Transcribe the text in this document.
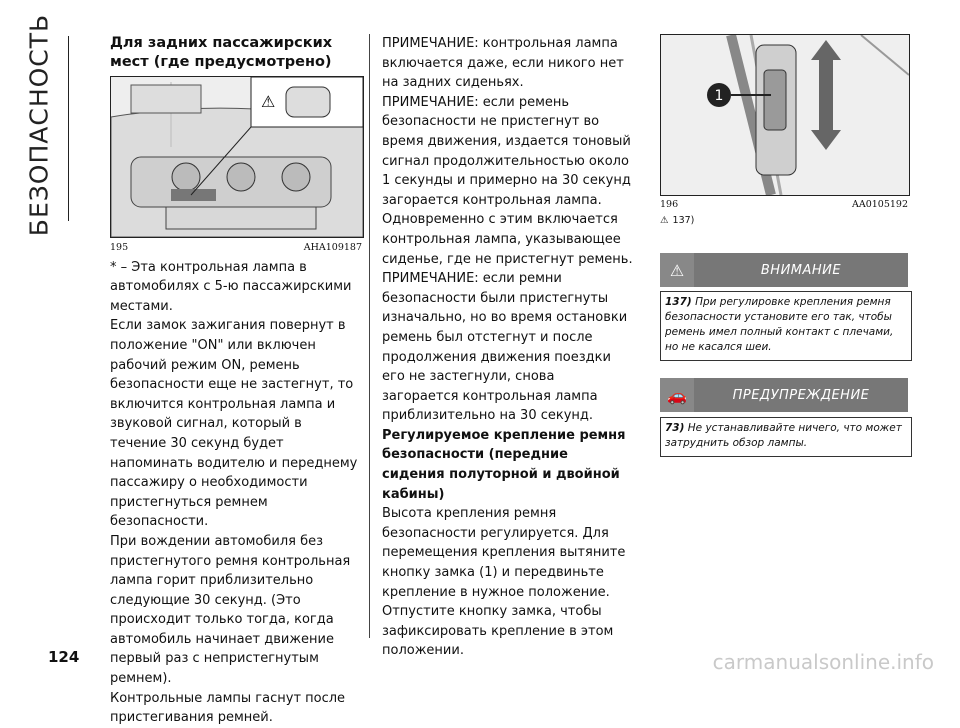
БЕЗОПАСНОСТЬ	Для задних пассажирских мест (где предусмотрено)
⚠
195	AHA109187

* – Эта контрольная лампа в автомобилях с 5-ю пассажирскими местами.

Если замок зажигания повернут в положение "ON" или включен рабочий режим ON, ремень безопасности еще не застегнут, то включится контрольная лампа и звуковой сигнал, который в течение 30 секунд будет напоминать водителю и переднему пассажиру о необходимости пристегнуться ремнем безопасности.

При вождении автомобиля без пристегнутого ремня контрольная лампа горит приблизительно следующие 30 секунд. (Это происходит только тогда, когда автомобиль начинает движение первый раз с непристегнутым ремнем).

Контрольные лампы гаснут после пристегивания ремней.

ПРИМЕЧАНИЕ: контрольная лампа включается даже, если никого нет на задних сиденьях.

ПРИМЕЧАНИЕ: если ремень безопасности не пристегнут во время движения, издается тоновый сигнал продолжительностью около 1 секунды и примерно на 30 секунд загорается контрольная лампа. Одновременно с этим включается контрольная лампа, указывающее сиденье, где не пристегнут ремень.

ПРИМЕЧАНИЕ: если ремни безопасности были пристегнуты изначально, но во время остановки ремень был отстегнут и после продолжения движения поездки его не застегнули, снова загорается контрольная лампа приблизительно на 30 секунд.

Регулируемое крепление ремня безопасности (передние сидения полуторной и двойной кабины)

Высота крепления ремня безопасности регулируется. Для перемещения крепления вытяните кнопку замка (1) и передвиньте крепление в нужное положение. Отпустите кнопку замка, чтобы зафиксировать крепление в этом положении.

1
196	AA0105192
⚠ 137)
⚠	ВНИМАНИЕ
137) При регулировке крепления ремня безопасности установите его так, чтобы ремень имел полный контакт с плечами, но не касался шеи.
🚗	ПРЕДУПРЕЖДЕНИЕ
73) Не устанавливайте ничего, что может затруднить обзор лампы.
124	carmanualsonline.info
